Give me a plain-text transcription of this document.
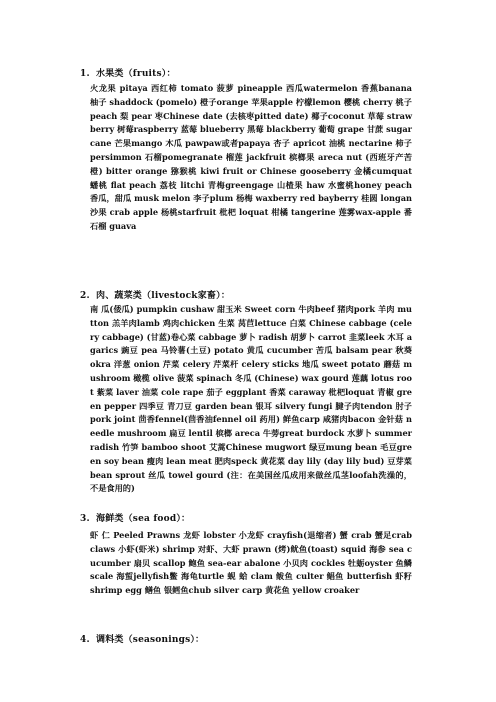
1. 水果类（fruits）：
火龙果 pitaya 西红柿 tomato 菠萝 pineapple 西瓜watermelon 香蕉banana 柚子 shaddock (pomelo) 橙子orange 苹果apple 柠檬lemon 樱桃 cherry 桃子peach 梨 pear 枣Chinese date (去核枣pitted date) 椰子coconut 草莓 strawberry 树莓raspberry 蓝莓 blueberry 黑莓 blackberry 葡萄 grape 甘蔗 sugar cane 芒果mango 木瓜 pawpaw或者papaya 杏子 apricot 油桃 nectarine 柿子persimmon 石榴pomegranate 榴莲 jackfruit 槟榔果 areca nut (西班牙产苦橙) bitter orange 猕猴桃 kiwi fruit or Chinese gooseberry 金橘cumquat 蟠桃 flat peach 荔枝 litchi 青梅greengage 山楂果 haw 水蜜桃honey peach 香瓜，甜瓜 musk melon 李子plum 杨梅 waxberry red bayberry 桂圆 longan 沙果 crab apple 杨桃starfruit 枇杷 loquat 柑橘 tangerine 莲雾wax-apple 番石榴 guava
2. 肉、蔬菜类（livestock家畜）：
南 瓜(倭瓜) pumpkin cushaw 甜玉米 Sweet corn 牛肉beef 猪肉pork 羊肉 mutton 羔羊肉lamb 鸡肉chicken 生菜 莴苣lettuce 白菜 Chinese cabbage (celery cabbage) (甘蓝)卷心菜 cabbage 萝卜 radish 胡萝卜 carrot 韭菜leek 木耳 agarics 豌豆 pea 马铃薯(土豆) potato 黄瓜 cucumber 苦瓜 balsam pear 秋葵 okra 洋葱 onion 芹菜 celery 芹菜杆 celery sticks 地瓜 sweet potato 蘑菇 mushroom 橄榄 olive 菠菜 spinach 冬瓜 (Chinese) wax gourd 莲藕 lotus root 紫菜 laver 油菜 cole rape 茄子 eggplant 香菜 caraway 枇杷loquat 青椒 green pepper 四季豆 青刀豆 garden bean 银耳 silvery fungi 腱子肉tendon 肘子 pork joint 茴香fennel(茴香油fennel oil 药用) 鲜鱼carp 咸猪肉bacon 金针菇 needle mushroom 扁豆 lentil 槟榔 areca 牛蒡great burdock 水萝卜 summer radish 竹笋 bamboo shoot 艾蒿Chinese mugwort 绿豆mung bean 毛豆green soy bean 瘦肉 lean meat 肥肉speck 黄花菜 day lily (day lily bud) 豆芽菜 bean sprout 丝瓜 towel gourd (注：在美国丝瓜成用来做丝瓜茎loofah洗澡的，不是食用的)
3. 海鲜类（sea food）：
虾 仁 Peeled Prawns 龙虾 lobster 小龙虾 crayfish(退缩者) 蟹 crab 蟹足crab claws 小虾(虾米) shrimp 对虾、大虾 prawn (烤)鱿鱼(toast) squid 海参 sea cucumber 扇贝 scallop 鲍鱼 sea-ear abalone 小贝肉 cockles 牡蛎oyster 鱼鳞scale 海蜇jellyfish鳖 海龟turtle 蚬 蛤 clam 鲅鱼 culter 鲳鱼 butterfish 虾籽 shrimp egg 鳝鱼 银鳕鱼chub silver carp 黄花鱼 yellow croaker
4. 调料类（seasonings）：
